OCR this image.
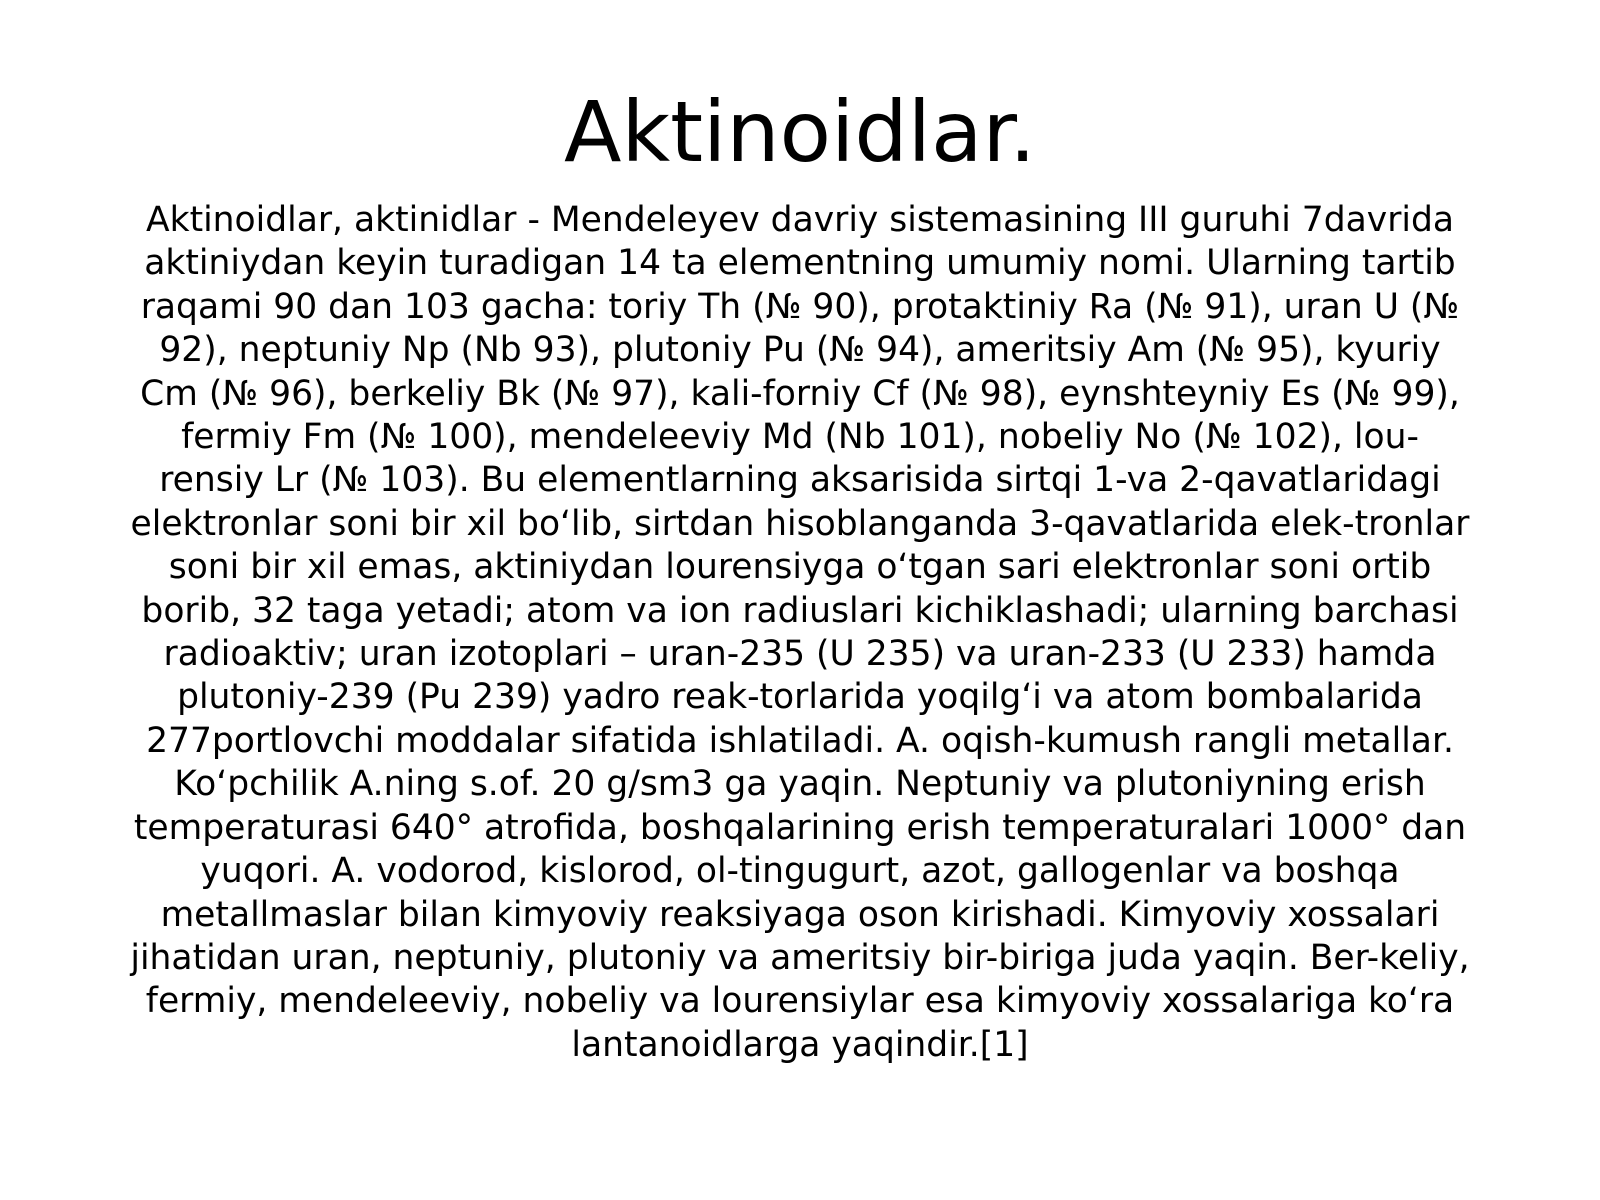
Aktinoidlar.
Aktinoidlar, aktinidlar - Mendeleyev davriy sistemasining III guruhi 7davrida
aktiniydan keyin turadigan 14 ta elementning umumiy nomi. Ularning tartib
raqami 90 dan 103 gacha: toriy Th (№ 90), protaktiniy Ra (№ 91), uran U (№
92), neptuniy Np (Nb 93), plutoniy Pu (№ 94), ameritsiy Am (№ 95), kyuriy
Cm (№ 96), berkeliy Bk (№ 97), kali-forniy Cf (№ 98), eynshteyniy Es (№ 99),
fermiy Fm (№ 100), mendeleeviy Md (Nb 101), nobeliy No (№ 102), lou-
rensiy Lr (№ 103). Bu elementlarning aksarisida sirtqi 1-va 2-qavatlaridagi
elektronlar soni bir xil boʻlib, sirtdan hisoblanganda 3-qavatlarida elek-tronlar
soni bir xil emas, aktiniydan lourensiyga oʻtgan sari elektronlar soni ortib
borib, 32 taga yetadi; atom va ion radiuslari kichiklashadi; ularning barchasi
radioaktiv; uran izotoplari – uran-235 (U 235) va uran-233 (U 233) hamda
plutoniy-239 (Pu 239) yadro reak-torlarida yoqilgʻi va atom bombalarida
277portlovchi moddalar sifatida ishlatiladi. A. oqish-kumush rangli metallar.
Koʻpchilik A.ning s.of. 20 g/sm3 ga yaqin. Neptuniy va plutoniyning erish
temperaturasi 640° atrofida, boshqalarining erish temperaturalari 1000° dan
yuqori. A. vodorod, kislorod, ol-tingugurt, azot, gallogenlar va boshqa
metallmaslar bilan kimyoviy reaksiyaga oson kirishadi. Kimyoviy xossalari
jihatidan uran, neptuniy, plutoniy va ameritsiy bir-biriga juda yaqin. Ber-keliy,
fermiy, mendeleeviy, nobeliy va lourensiylar esa kimyoviy xossalariga koʻra
lantanoidlarga yaqindir.[1]
